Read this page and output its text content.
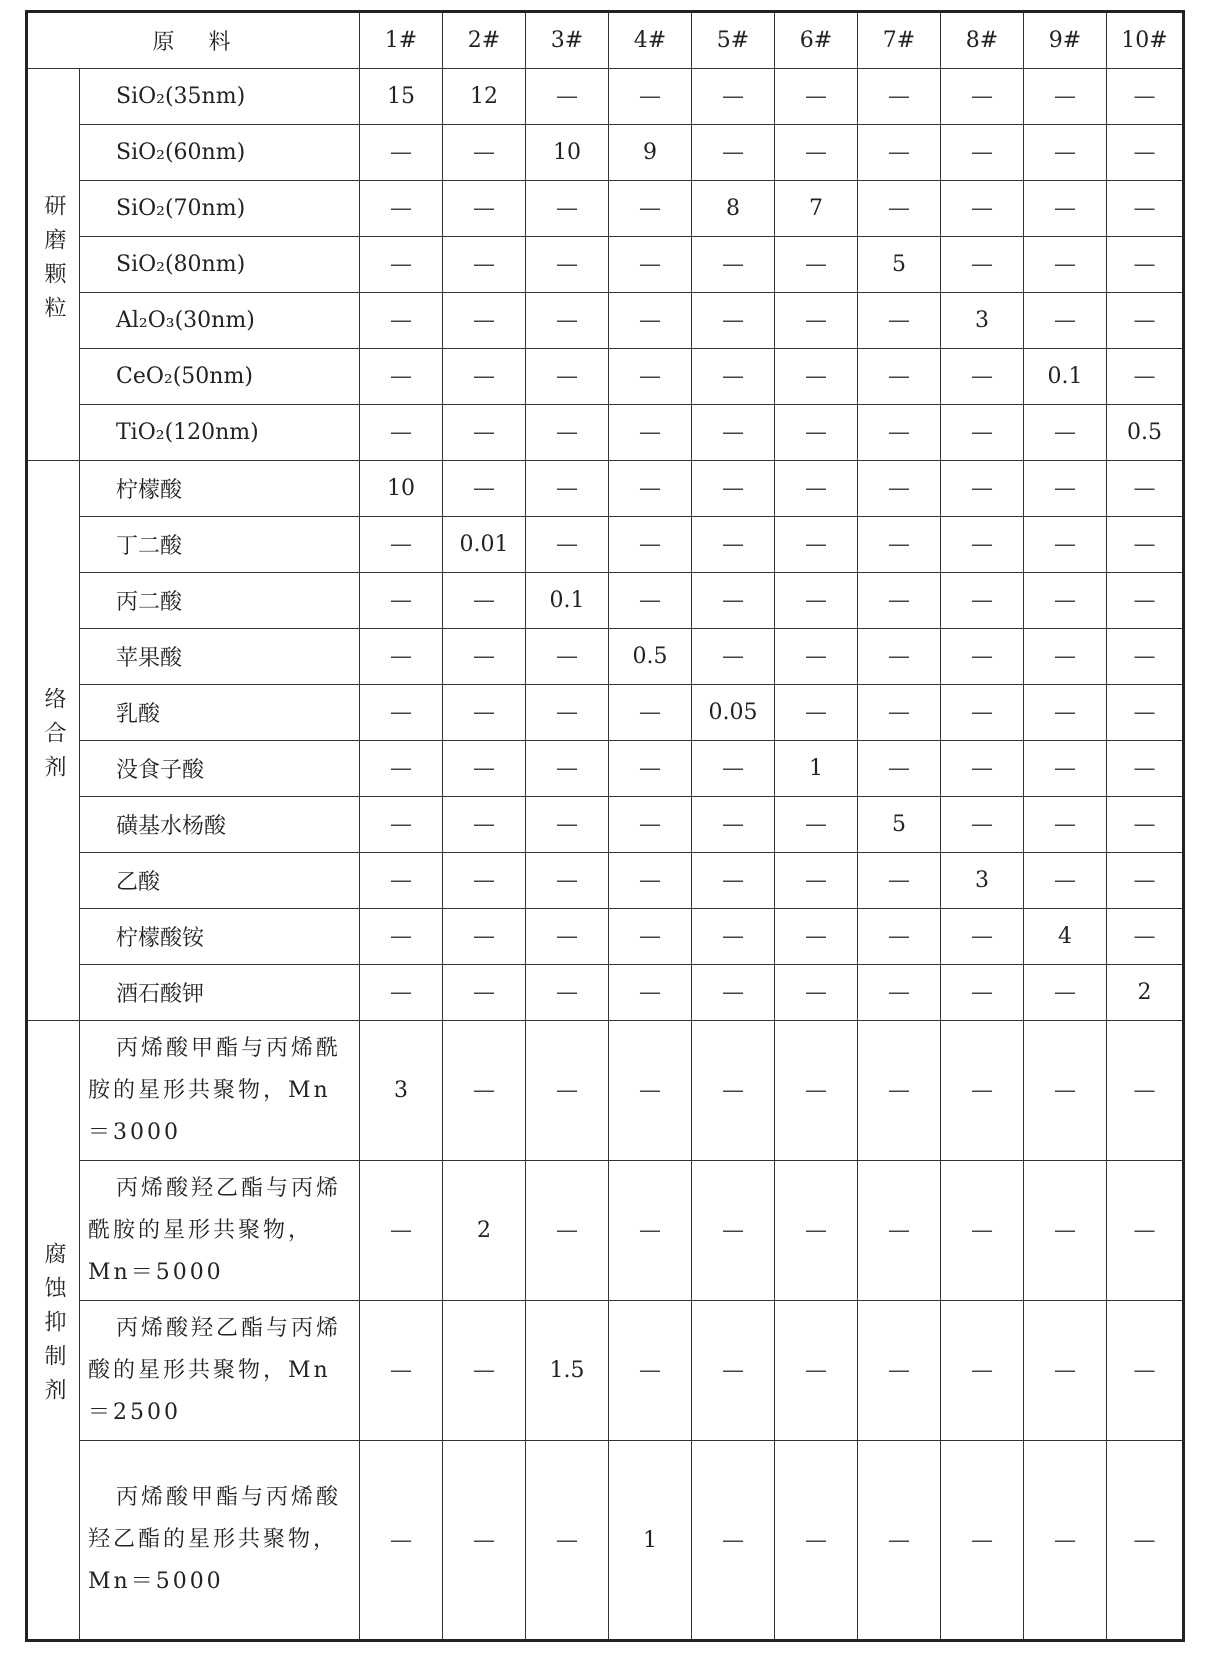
原料		1#	2#	3#	4#	5#	6#	7#	8#	9#	10#
研磨颗粒	SiO₂(35nm)	15	12	—	—	—	—	—	—	—	—
	SiO₂(60nm)	—	—	10	9	—	—	—	—	—	—
	SiO₂(70nm)	—	—	—	—	8	7	—	—	—	—
	SiO₂(80nm)	—	—	—	—	—	—	5	—	—	—
	Al₂O₃(30nm)	—	—	—	—	—	—	—	3	—	—
	CeO₂(50nm)	—	—	—	—	—	—	—	—	0.1	—
	TiO₂(120nm)	—	—	—	—	—	—	—	—	—	0.5
络合剂	柠檬酸	10	—	—	—	—	—	—	—	—	—
	丁二酸	—	0.01	—	—	—	—	—	—	—	—
	丙二酸	—	—	0.1	—	—	—	—	—	—	—
	苹果酸	—	—	—	0.5	—	—	—	—	—	—
	乳酸	—	—	—	—	0.05	—	—	—	—	—
	没食子酸	—	—	—	—	—	1	—	—	—	—
	磺基水杨酸	—	—	—	—	—	—	5	—	—	—
	乙酸	—	—	—	—	—	—	—	3	—	—
	柠檬酸铵	—	—	—	—	—	—	—	—	4	—
	酒石酸钾	—	—	—	—	—	—	—	—	—	2
腐蚀抑制剂	丙烯酸甲酯与丙烯酰胺的星形共聚物，Mn＝3000	3	—	—	—	—	—	—	—	—	—

	丙烯酸羟乙酯与丙烯酰胺的星形共聚物，Mn＝5000	—	2	—	—	—	—	—	—	—	—

	丙烯酸羟乙酯与丙烯酸的星形共聚物，Mn＝2500	—	—	1.5	—	—	—	—	—	—	—

	丙烯酸甲酯与丙烯酸羟乙酯的星形共聚物，Mn＝5000	—	—	—	1	—	—	—	—	—	—
